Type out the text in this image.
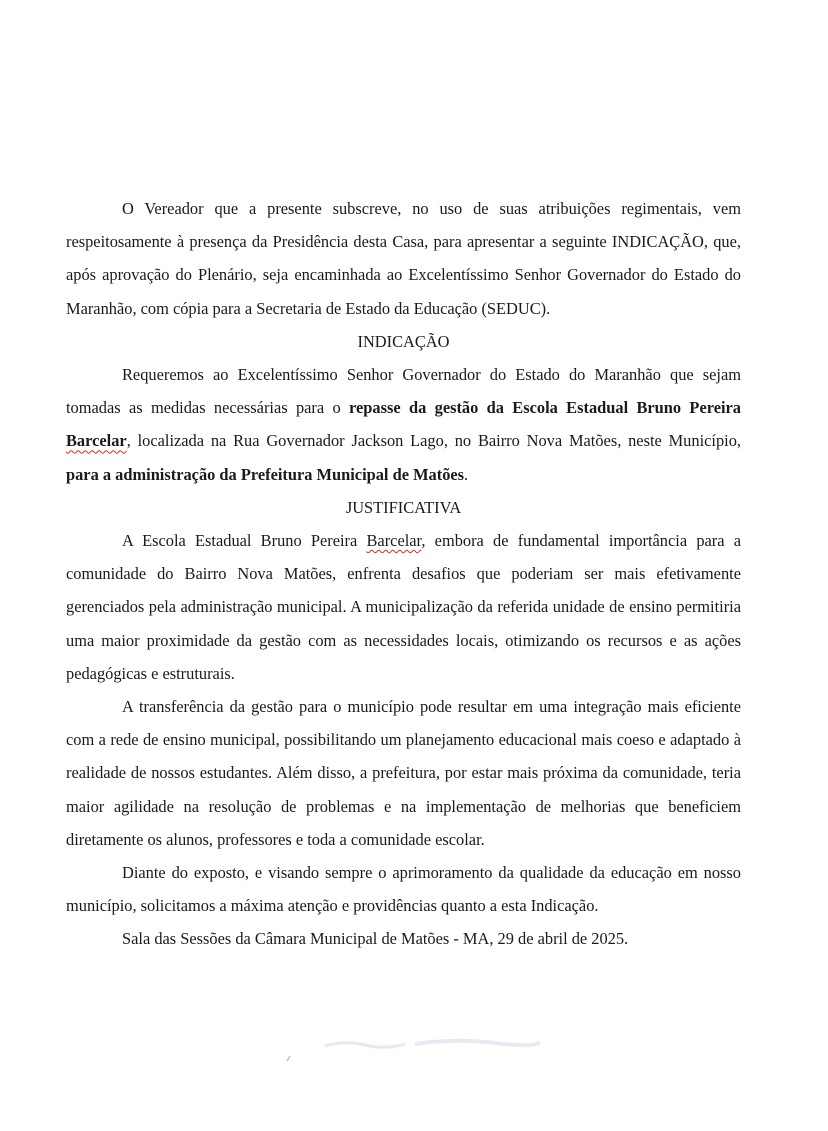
O Vereador que a presente subscreve, no uso de suas atribuições regimentais, vem respeitosamente à presença da Presidência desta Casa, para apresentar a seguinte INDICAÇÃO, que, após aprovação do Plenário, seja encaminhada ao Excelentíssimo Senhor Governador do Estado do Maranhão, com cópia para a Secretaria de Estado da Educação (SEDUC).

INDICAÇÃO

Requeremos ao Excelentíssimo Senhor Governador do Estado do Maranhão que sejam tomadas as medidas necessárias para o repasse da gestão da Escola Estadual Bruno Pereira Barcelar, localizada na Rua Governador Jackson Lago, no Bairro Nova Matões, neste Município, para a administração da Prefeitura Municipal de Matões.

JUSTIFICATIVA

A Escola Estadual Bruno Pereira Barcelar, embora de fundamental importância para a comunidade do Bairro Nova Matões, enfrenta desafios que poderiam ser mais efetivamente gerenciados pela administração municipal. A municipalização da referida unidade de ensino permitiria uma maior proximidade da gestão com as necessidades locais, otimizando os recursos e as ações pedagógicas e estruturais.

A transferência da gestão para o município pode resultar em uma integração mais eficiente com a rede de ensino municipal, possibilitando um planejamento educacional mais coeso e adaptado à realidade de nossos estudantes. Além disso, a prefeitura, por estar mais próxima da comunidade, teria maior agilidade na resolução de problemas e na implementação de melhorias que beneficiem diretamente os alunos, professores e toda a comunidade escolar.

Diante do exposto, e visando sempre o aprimoramento da qualidade da educação em nosso município, solicitamos a máxima atenção e providências quanto a esta Indicação.

Sala das Sessões da Câmara Municipal de Matões - MA, 29 de abril de 2025.
